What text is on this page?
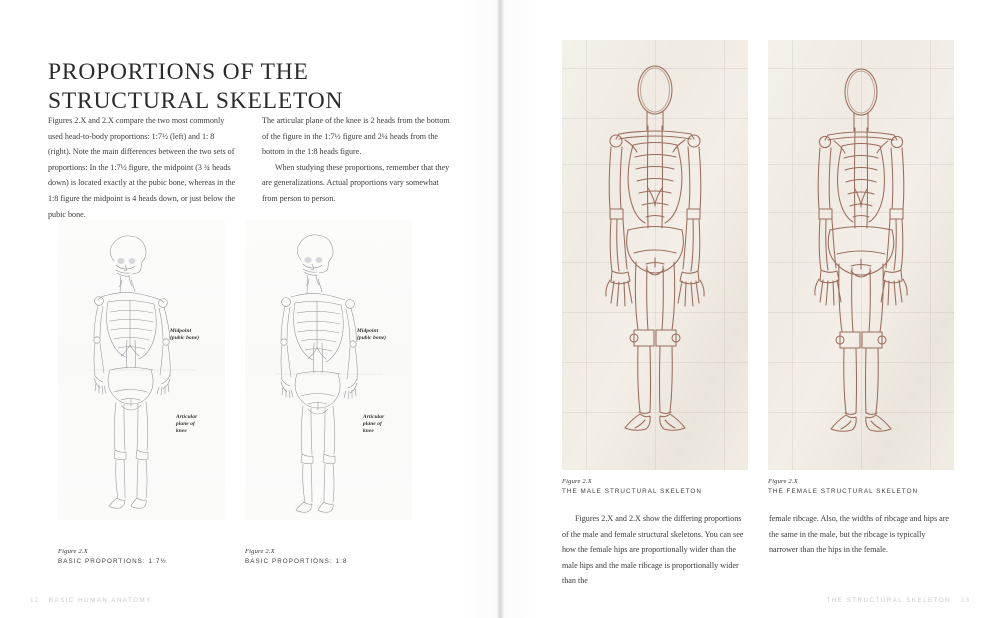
PROPORTIONS OF THE
STRUCTURAL SKELETON

Figures 2.X and 2.X compare the two most commonly used head-to-body proportions: 1:7½ (left) and 1: 8 (right). Note the main differences between the two sets of proportions: In the 1:7½ figure, the midpoint (3 ¾ heads down) is located exactly at the pubic bone, whereas in the 1:8 figure the midpoint is 4 heads down, or just below the pubic bone.

The articular plane of the knee is 2 heads from the bottom of the figure in the 1:7½ figure and 2¼ heads from the bottom in the 1:8 heads figure.

When studying these proportions, remember that they are generalizations. Actual proportions vary somewhat from person to person.

Midpoint
(pubic bone)
Articular
plane of
knee
Midpoint
(pubic bone)
Articular
plane of
knee
Figure 2.X
BASIC PROPORTIONS: 1:7½
Figure 2.X
BASIC PROPORTIONS: 1:8
12 BASIC HUMAN ANATOMY
Figure 2.X
THE MALE STRUCTURAL SKELETON
Figure 2.X
THE FEMALE STRUCTURAL SKELETON

Figures 2.X and 2.X show the differing proportions of the male and female structural skeletons. You can see how the female hips are proportionally wider than the male hips and the male ribcage is proportionally wider than the

female ribcage. Also, the widths of ribcage and hips are the same in the male, but the ribcage is typically narrower than the hips in the female.

THE STRUCTURAL SKELETON 13
